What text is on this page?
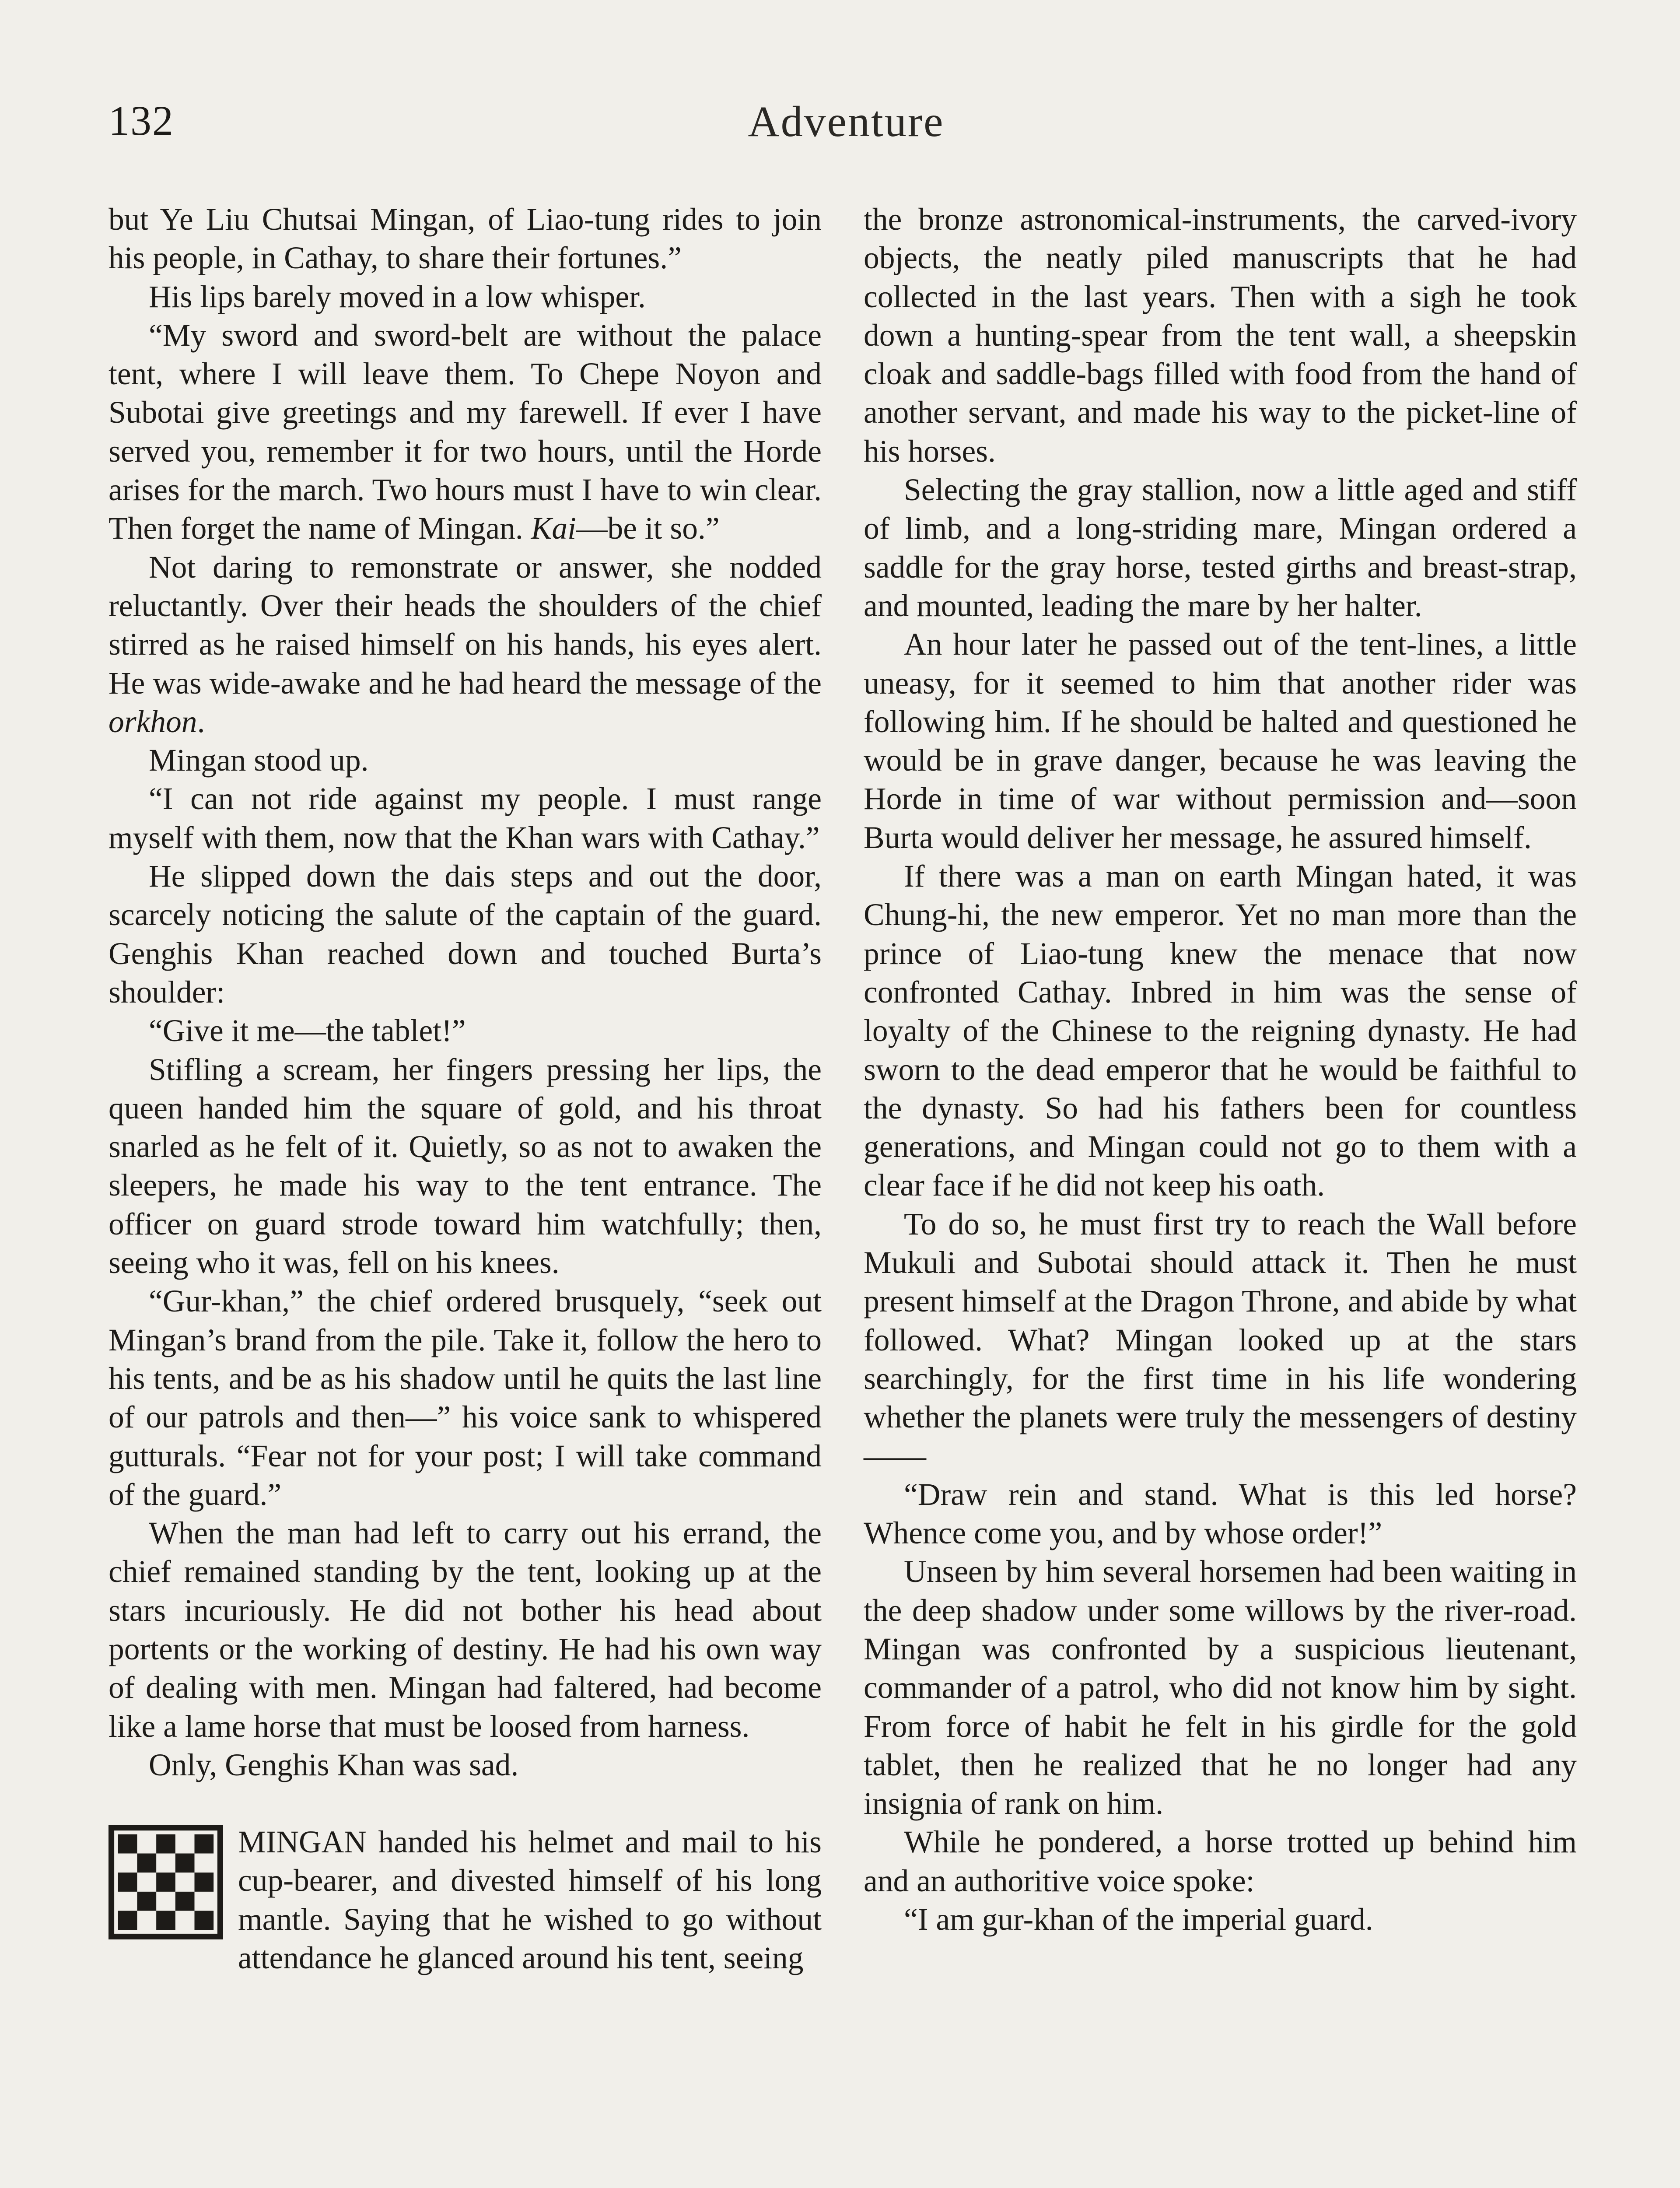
132	Adventure

but Ye Liu Chutsai Mingan, of Liao-tung rides to join his people, in Cathay, to share their fortunes.”

His lips barely moved in a low whisper.

“My sword and sword-belt are without the palace tent, where I will leave them. To Chepe Noyon and Subotai give greetings and my farewell. If ever I have served you, remember it for two hours, until the Horde arises for the march. Two hours must I have to win clear. Then forget the name of Mingan. Kai—be it so.”

Not daring to remonstrate or answer, she nodded reluctantly. Over their heads the shoulders of the chief stirred as he raised himself on his hands, his eyes alert. He was wide-awake and he had heard the message of the orkhon.

Mingan stood up.

“I can not ride against my people. I must range myself with them, now that the Khan wars with Cathay.”

He slipped down the dais steps and out the door, scarcely noticing the salute of the captain of the guard. Genghis Khan reached down and touched Burta’s shoulder:

“Give it me—the tablet!”

Stifling a scream, her fingers pressing her lips, the queen handed him the square of gold, and his throat snarled as he felt of it. Quietly, so as not to awaken the sleepers, he made his way to the tent entrance. The officer on guard strode toward him watchfully; then, seeing who it was, fell on his knees.

“Gur-khan,” the chief ordered brusquely, “seek out Mingan’s brand from the pile. Take it, follow the hero to his tents, and be as his shadow until he quits the last line of our patrols and then—” his voice sank to whispered gutturals. “Fear not for your post; I will take command of the guard.”

When the man had left to carry out his errand, the chief remained standing by the tent, looking up at the stars incuriously. He did not bother his head about portents or the working of destiny. He had his own way of dealing with men. Mingan had faltered, had become like a lame horse that must be loosed from harness.

Only, Genghis Khan was sad.

MINGAN handed his helmet and mail to his cup-bearer, and divested himself of his long mantle. Saying that he wished to go without attendance he glanced around his tent, seeing

the bronze astronomical-instruments, the carved-ivory objects, the neatly piled manuscripts that he had collected in the last years. Then with a sigh he took down a hunting-spear from the tent wall, a sheepskin cloak and saddle-bags filled with food from the hand of another servant, and made his way to the picket-line of his horses.

Selecting the gray stallion, now a little aged and stiff of limb, and a long-striding mare, Mingan ordered a saddle for the gray horse, tested girths and breast-strap, and mounted, leading the mare by her halter.

An hour later he passed out of the tent-lines, a little uneasy, for it seemed to him that another rider was following him. If he should be halted and questioned he would be in grave danger, because he was leaving the Horde in time of war without permission and—soon Burta would deliver her message, he assured himself.

If there was a man on earth Mingan hated, it was Chung-hi, the new emperor. Yet no man more than the prince of Liao-tung knew the menace that now confronted Cathay. Inbred in him was the sense of loyalty of the Chinese to the reigning dynasty. He had sworn to the dead emperor that he would be faithful to the dynasty. So had his fathers been for countless generations, and Mingan could not go to them with a clear face if he did not keep his oath.

To do so, he must first try to reach the Wall before Mukuli and Subotai should attack it. Then he must present himself at the Dragon Throne, and abide by what followed. What? Mingan looked up at the stars searchingly, for the first time in his life wondering whether the planets were truly the messengers of destiny——

“Draw rein and stand. What is this led horse? Whence come you, and by whose order!”

Unseen by him several horsemen had been waiting in the deep shadow under some willows by the river-road. Mingan was confronted by a suspicious lieutenant, commander of a patrol, who did not know him by sight. From force of habit he felt in his girdle for the gold tablet, then he realized that he no longer had any insignia of rank on him.

While he pondered, a horse trotted up behind him and an authoritive voice spoke:

“I am gur-khan of the imperial guard.
